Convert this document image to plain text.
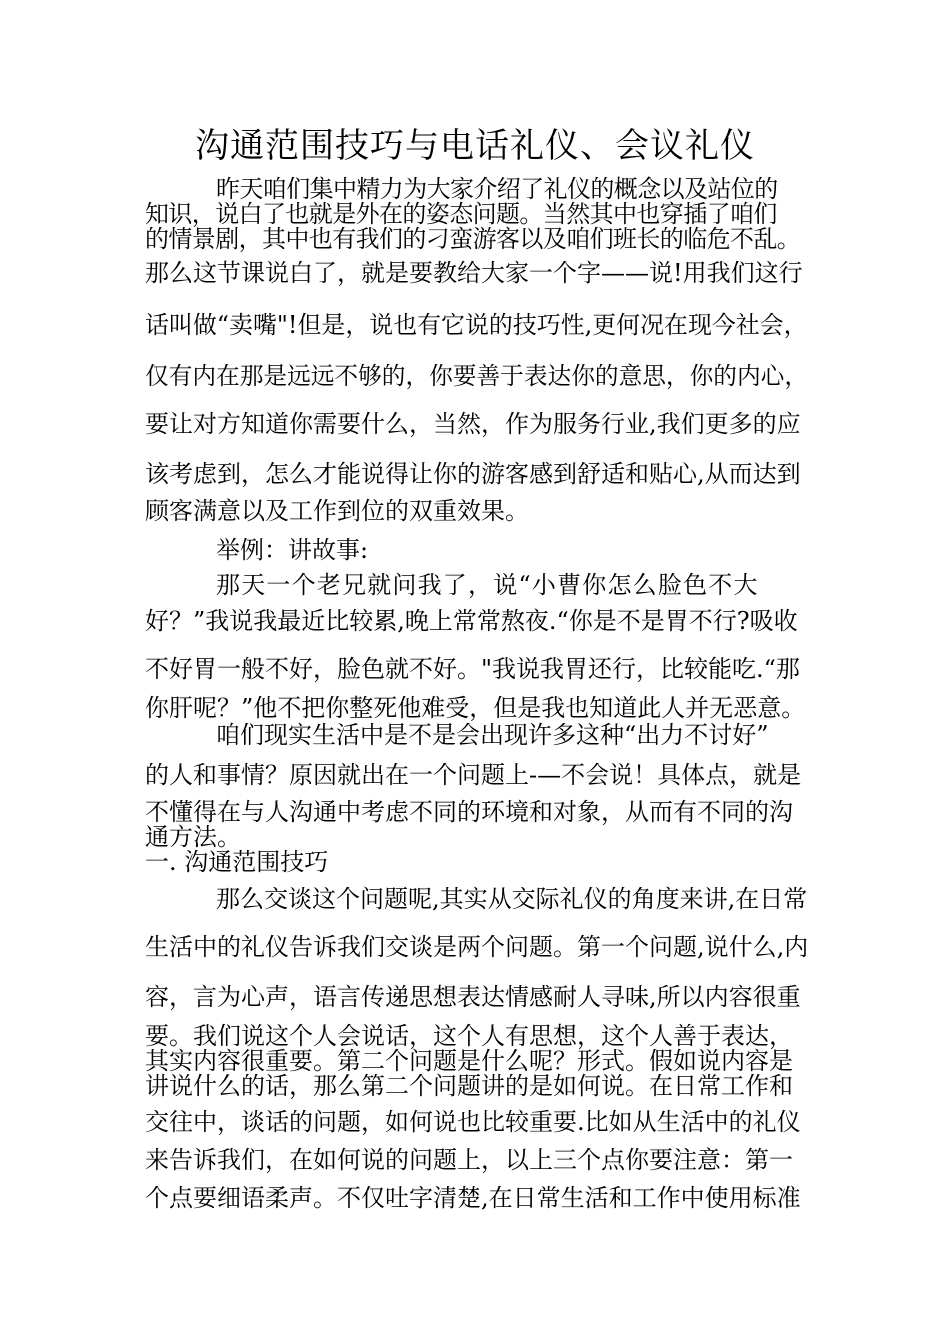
沟通范围技巧与电话礼仪、会议礼仪
昨天咱们集中精力为大家介绍了礼仪的概念以及站位的
知识，说白了也就是外在的姿态问题。当然其中也穿插了咱们
的情景剧，其中也有我们的刁蛮游客以及咱们班长的临危不乱。
那么这节课说白了，就是要教给大家一个字——说!用我们这行
话叫做“卖嘴"!但是，说也有它说的技巧性,更何况在现今社会，
仅有内在那是远远不够的，你要善于表达你的意思，你的内心，
要让对方知道你需要什么，当然，作为服务行业,我们更多的应
该考虑到，怎么才能说得让你的游客感到舒适和贴心,从而达到
顾客满意以及工作到位的双重效果。
举例：讲故事:
那天一个老兄就问我了，说“小曹你怎么脸色不大
好？”我说我最近比较累,晚上常常熬夜.“你是不是胃不行?吸收
不好胃一般不好，脸色就不好。"我说我胃还行，比较能吃.“那
你肝呢？”他不把你整死他难受，但是我也知道此人并无恶意。
咱们现实生活中是不是会出现许多这种“出力不讨好”
的人和事情？原因就出在一个问题上-—不会说！具体点，就是
不懂得在与人沟通中考虑不同的环境和对象，从而有不同的沟
通方法。
一. 沟通范围技巧
那么交谈这个问题呢,其实从交际礼仪的角度来讲,在日常
生活中的礼仪告诉我们交谈是两个问题。第一个问题,说什么,内
容，言为心声，语言传递思想表达情感耐人寻味,所以内容很重
要。我们说这个人会说话，这个人有思想，这个人善于表达，
其实内容很重要。第二个问题是什么呢？形式。假如说内容是
讲说什么的话，那么第二个问题讲的是如何说。在日常工作和
交往中，谈话的问题，如何说也比较重要.比如从生活中的礼仪
来告诉我们，在如何说的问题上，以上三个点你要注意：第一
个点要细语柔声。不仅吐字清楚,在日常生活和工作中使用标准
